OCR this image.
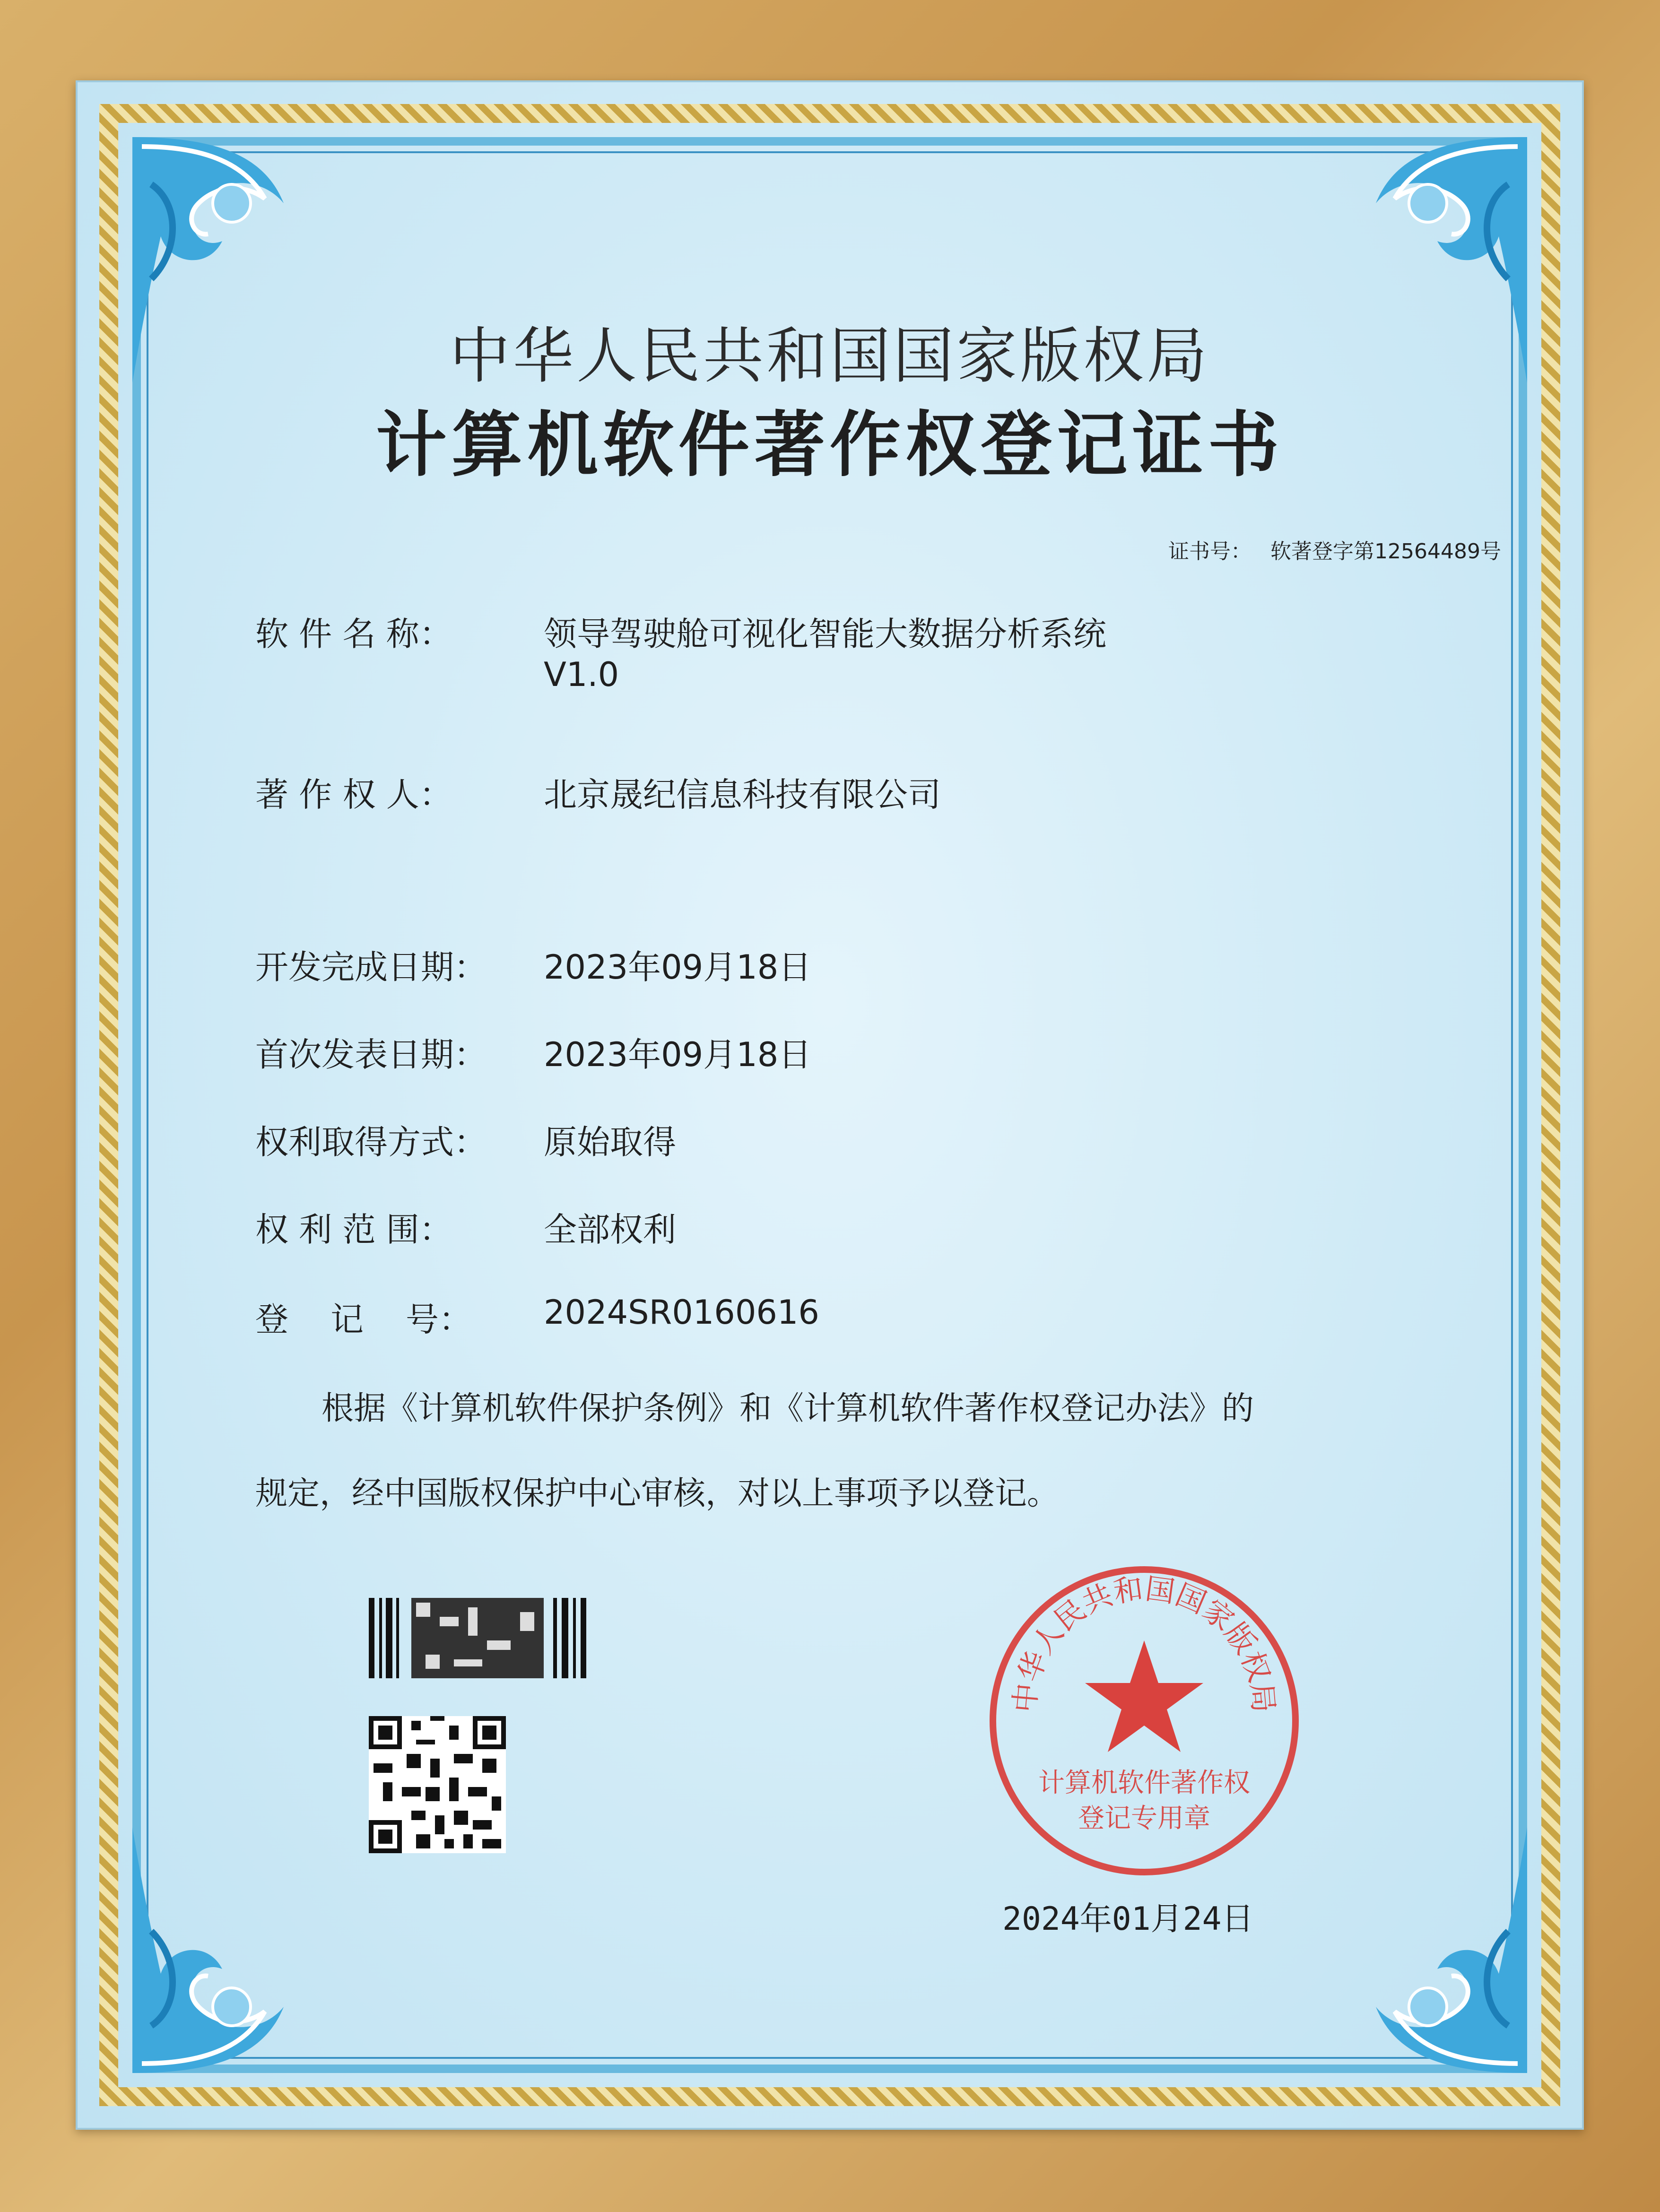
中华人民共和国国家版权局
计算机软件著作权登记证书
证书号： 软著登字第12564489号
软 件 名 称：	领导驾驶舱可视化智能大数据分析系统
V1.0
著 作 权 人：	北京晟纪信息科技有限公司
开发完成日期： 2023年09月18日
首次发表日期： 2023年09月18日
权利取得方式： 原始取得
权 利 范 围：	全部权利
登    记    号： 2024SR0160616
根据《计算机软件保护条例》和《计算机软件著作权登记办法》的
规定，经中国版权保护中心审核，对以上事项予以登记。
中华人民共和国国家版权局
计算机软件著作权
登记专用章
2024年01月24日
